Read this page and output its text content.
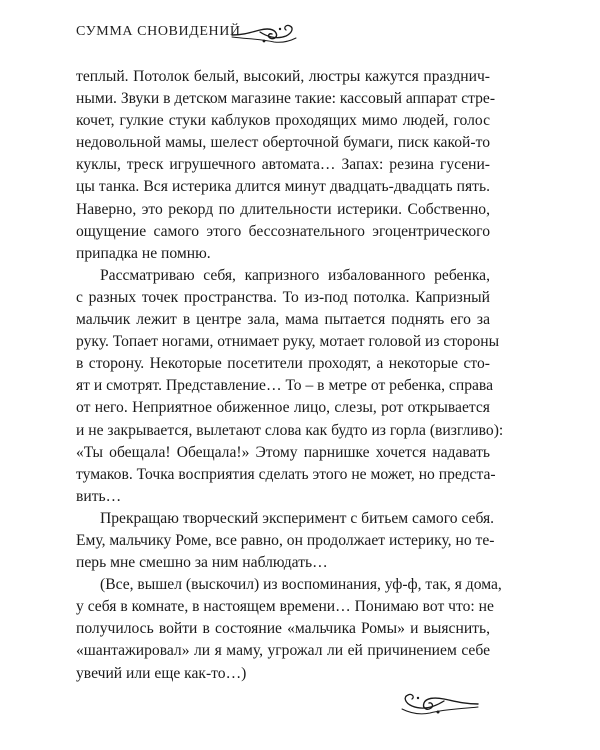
СУММА СНОВИДЕНИЙ

теплый. Потолок белый, высокий, люстры кажутся празднич-
ными. Звуки в детском магазине такие: кассовый аппарат стре-
кочет, гулкие стуки каблуков проходящих мимо людей, голос
недовольной мамы, шелест оберточной бумаги, писк какой-то
куклы, треск игрушечного автомата… Запах: резина гусени-
цы танка. Вся истерика длится минут двадцать-двадцать пять.
Наверно, это рекорд по длительности истерики. Собственно,
ощущение самого этого бессознательного эгоцентрического
припадка не помню.

Рассматриваю себя, капризного избалованного ребенка,
с разных точек пространства. То из-под потолка. Капризный
мальчик лежит в центре зала, мама пытается поднять его за
руку. Топает ногами, отнимает руку, мотает головой из стороны
в сторону. Некоторые посетители проходят, а некоторые сто-
ят и смотрят. Представление… То – в метре от ребенка, справа
от него. Неприятное обиженное лицо, слезы, рот открывается
и не закрывается, вылетают слова как будто из горла (визгливо):
«Ты обещала! Обещала!» Этому парнишке хочется надавать
тумаков. Точка восприятия сделать этого не может, но предста-
вить…

Прекращаю творческий эксперимент с битьем самого себя.
Ему, мальчику Роме, все равно, он продолжает истерику, но те-
перь мне смешно за ним наблюдать…

(Все, вышел (выскочил) из воспоминания, уф-ф, так, я дома,
у себя в комнате, в настоящем времени… Понимаю вот что: не
получилось войти в состояние «мальчика Ромы» и выяснить,
«шантажировал» ли я маму, угрожал ли ей причинением себе
увечий или еще как-то…)
